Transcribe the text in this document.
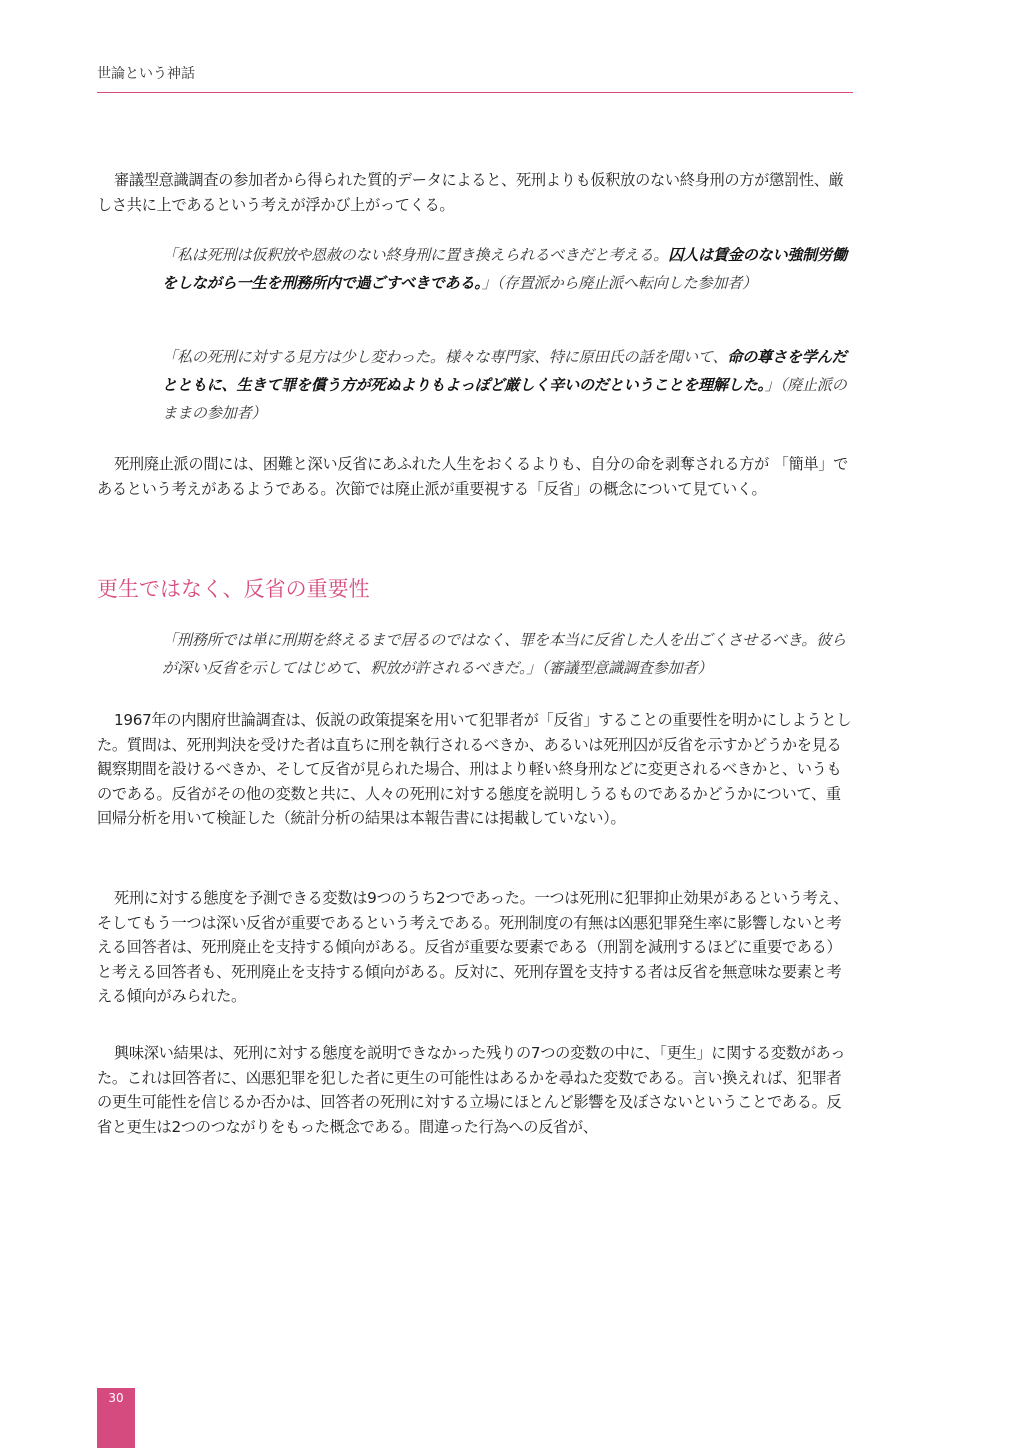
世論という神話

審議型意識調査の参加者から得られた質的データによると、死刑よりも仮釈放のない終身刑の方が懲罰性、厳しさ共に上であるという考えが浮かび上がってくる。

「私は死刑は仮釈放や恩赦のない終身刑に置き換えられるべきだと考える。囚人は賃金のない強制労働をしながら一生を刑務所内で過ごすべきである。」（存置派から廃止派へ転向した参加者）

「私の死刑に対する見方は少し変わった。様々な専門家、特に原田氏の話を聞いて、命の尊さを学んだとともに、生きて罪を償う方が死ぬよりもよっぽど厳しく辛いのだということを理解した。」（廃止派のままの参加者）

死刑廃止派の間には、困難と深い反省にあふれた人生をおくるよりも、自分の命を剥奪される方が 「簡単」であるという考えがあるようである。次節では廃止派が重要視する「反省」の概念について見ていく。

更生ではなく、反省の重要性

「刑務所では単に刑期を終えるまで居るのではなく、罪を本当に反省した人を出ごくさせるべき。彼らが深い反省を示してはじめて、釈放が許されるべきだ。」（審議型意識調査参加者）

1967年の内閣府世論調査は、仮説の政策提案を用いて犯罪者が「反省」することの重要性を明かにしようとした。質問は、死刑判決を受けた者は直ちに刑を執行されるべきか、あるいは死刑囚が反省を示すかどうかを見る観察期間を設けるべきか、そして反省が見られた場合、刑はより軽い終身刑などに変更されるべきかと、いうものである。反省がその他の変数と共に、人々の死刑に対する態度を説明しうるものであるかどうかについて、重回帰分析を用いて検証した（統計分析の結果は本報告書には掲載していない）。

死刑に対する態度を予測できる変数は9つのうち2つであった。一つは死刑に犯罪抑止効果があるという考え、そしてもう一つは深い反省が重要であるという考えである。死刑制度の有無は凶悪犯罪発生率に影響しないと考える回答者は、死刑廃止を支持する傾向がある。反省が重要な要素である（刑罰を減刑するほどに重要である）と考える回答者も、死刑廃止を支持する傾向がある。反対に、死刑存置を支持する者は反省を無意味な要素と考える傾向がみられた。

興味深い結果は、死刑に対する態度を説明できなかった残りの7つの変数の中に、「更生」に関する変数があった。これは回答者に、凶悪犯罪を犯した者に更生の可能性はあるかを尋ねた変数である。言い換えれば、犯罪者の更生可能性を信じるか否かは、回答者の死刑に対する立場にほとんど影響を及ぼさないということである。反省と更生は2つのつながりをもった概念である。間違った行為への反省が、

30
